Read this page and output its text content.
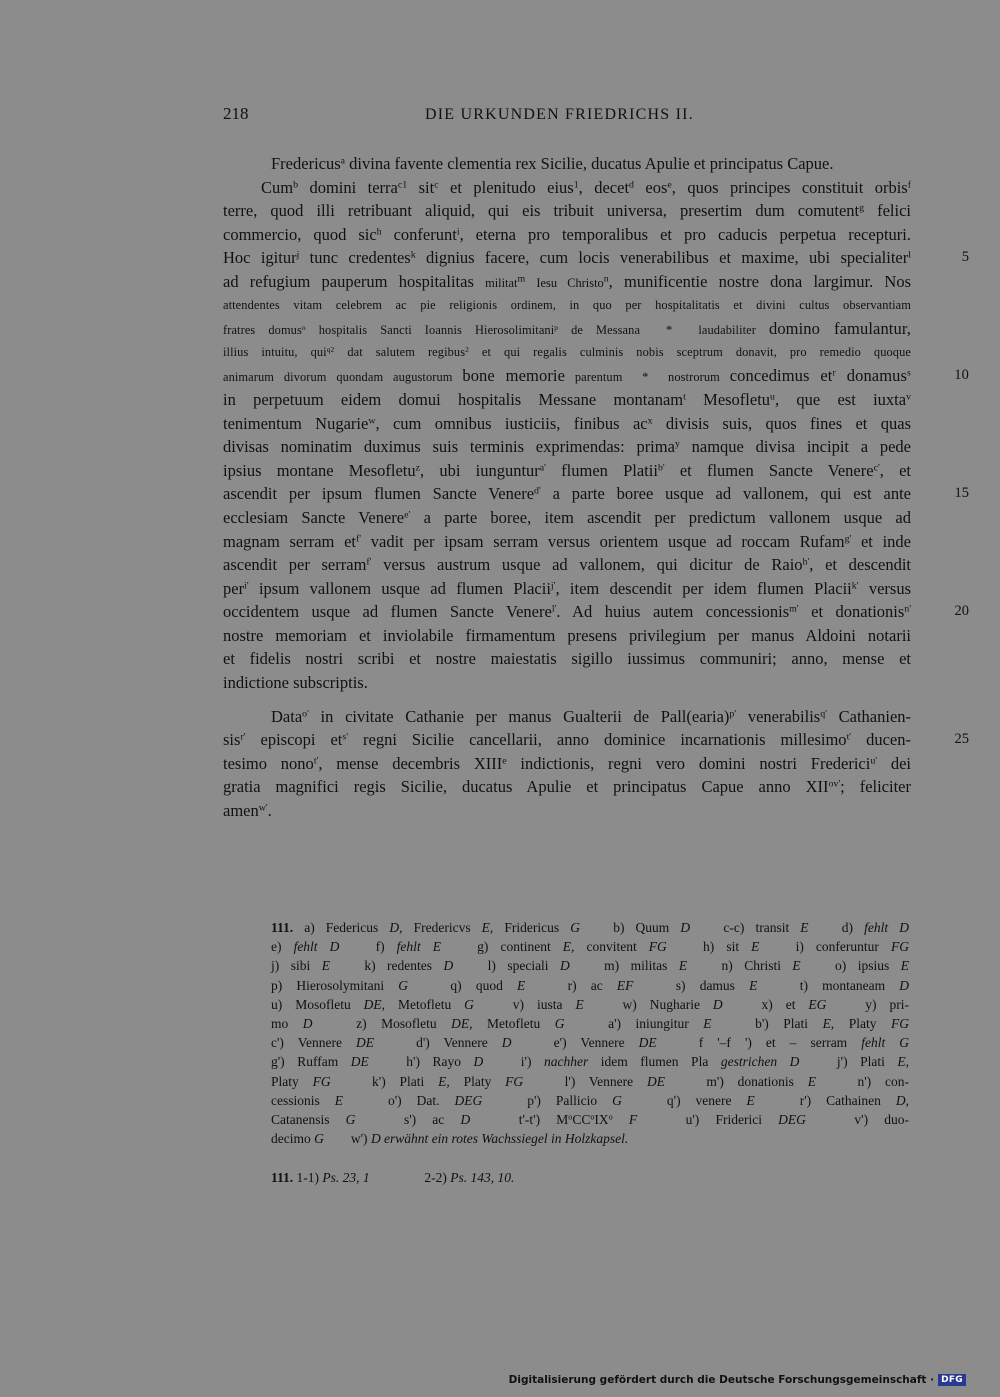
218	DIE URKUNDEN FRIEDRICHS II.
Fredericus$^a$ divina favente clementia rex Sicilie, ducatus Apulie et principatus Capue.
Cum$^b$ domini terra$^{c1}$ sit$^c$ et plenitudo eius$^1$, decet$^d$ eos$^e$, quos principes constituit orbis$^f$
terre, quod illi retribuant aliquid, qui eis tribuit universa, presertim dum comutent$^g$ felici
commercio, quod sic$^h$ conferunt$^i$, eterna pro temporalibus et pro caducis perpetua recepturi.
Hoc igitur$^j$ tunc credentes$^k$ dignius facere, cum locis venerabilibus et maxime, ubi specialiter$^l$	5
ad refugium pauperum hospitalitas militat$^m$ Iesu Christo$^n$, munificentie nostre dona largimur. Nos
attendentes vitam celebrem ac pie religionis ordinem, in quo per hospitalitatis et divini cultus observantiam
fratres domus$^o$ hospitalis Sancti Ioannis Hierosolimitani$^p$ de Messana  *  laudabiliter domino famulantur,
illius intuitu, qui$^{q2}$ dat salutem regibus$^2$ et qui regalis culminis nobis sceptrum donavit, pro remedio quoque
animarum divorum quondam augustorum bone memorie parentum  *  nostrorum concedimus $et^r$ donamus$^s$	10
in perpetuum eidem domui hospitalis Messane montanam$^t$ Mesofletu$^u$, que est iuxta$^v$
tenimentum Nugarie$^w$, cum omnibus iusticiis, finibus $ac^x$ divisis suis, quos fines et quas
divisas nominatim duximus suis terminis exprimendas: prima$^y$ namque divisa incipit a pede
ipsius montane Mesofletu$^z$, ubi iunguntur$^{a'}$ flumen Platii$^{b'}$ et flumen Sancte Venere$^{c'}$, et
ascendit per ipsum flumen Sancte Venere$^{d'}$ a parte boree usque ad vallonem, qui est ante	15
ecclesiam Sancte Venere$^{e'}$ a parte boree, item ascendit per predictum vallonem usque ad
magnam serram $et^{f'}$ vadit per ipsam serram versus orientem usque ad roccam Rufam$^{g'}$ et inde
ascendit per serram$^{f'}$ versus austrum usque ad vallonem, qui dicitur de Raio$^{h'}$, et descendit
per$^{i'}$ ipsum vallonem usque ad flumen Placii$^{j'}$, item descendit per idem flumen Placii$^{k'}$ versus
occidentem usque ad flumen Sancte Venere$^{l'}$. Ad huius autem concessionis$^{m'}$ et donationis$^{n'}$	20
nostre memoriam et inviolabile firmamentum presens privilegium per manus Aldoini notarii
et fidelis nostri scribi et nostre maiestatis sigillo iussimus communiri; anno, mense et
indictione subscriptis.
Data$^{o'}$ in civitate Cathanie per manus Gualterii de Pall(earia)$^{p'}$ venerabilis$^{q'}$ Cathanien-
sis$^{r'}$ episcopi $et^{s'}$ regni Sicilie cancellarii, anno dominice incarnationis millesimo$^{t'}$ ducen-	25
tesimo nono$^{t'}$, mense decembris XIIIe indictionis, regni vero domini nostri Frederici$^{u'}$ dei
gratia magnifici regis Sicilie, ducatus Apulie et principatus Capue anno $XII^{ov'}$; feliciter
amen$^{w'}$.
111. a) Federicus D, Fredericvs E, Fridericus G   b) Quum D   c-c) transit E   d) fehlt D
e) fehlt D   f) fehlt E   g) continent E, convitent FG   h) sit E   i) conferuntur FG
j) sibi E   k) redentes D   l) speciali D   m) militas E   n) Christi E   o) ipsius E
p) Hierosolymitani G   q) quod E   r) ac EF   s) damus E   t) montaneam D
u) Mosofletu DE, Metofletu G   v) iusta E   w) Nugharie D   x) et EG   y) pri-
mo D   z) Mosofletu DE, Metofletu G   a') iniungitur E   b') Plati E, Platy FG
c') Vennere DE   d') Vennere D   e') Vennere DE   f '–f ') et – serram fehlt G
g') Ruffam DE   h') Rayo D   i') nachher idem flumen Pla gestrichen D   j') Plati E,
Platy FG   k') Plati E, Platy FG   l') Vennere DE   m') donationis E   n') con-
cessionis E   o') Dat. DEG   p') Pallicio G   q') venere E   r') Cathainen D,
Catanensis G   s') ac D   t'-t') $M^oCC^oIX^o$ F   u') Friderici DEG   v') duo-
decimo G        w') D erwähnt ein rotes Wachssiegel in Holzkapsel.
111. 1-1) Ps. 23, 1	2-2) Ps. 143, 10.
Digitalisierung gefördert durch die Deutsche Forschungsgemeinschaft · DFG
